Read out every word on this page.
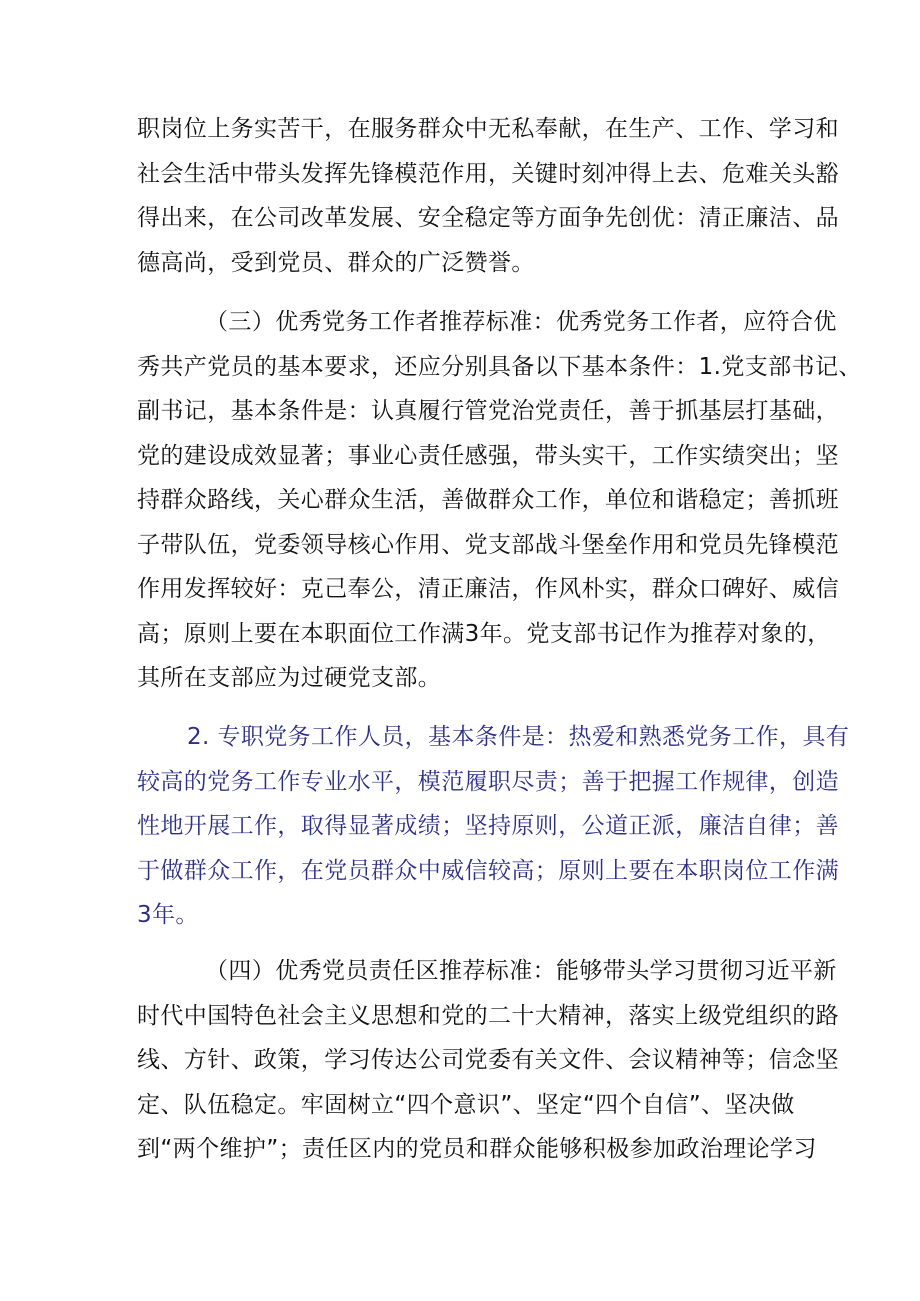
职岗位上务实苦干，在服务群众中无私奉献，在生产、工作、学习和
社会生活中带头发挥先锋模范作用，关键时刻冲得上去、危难关头豁
得出来，在公司改革发展、安全稳定等方面争先创优：清正廉洁、品
德高尚，受到党员、群众的广泛赞誉。
（三）优秀党务工作者推荐标准：优秀党务工作者，应符合优
秀共产党员的基本要求，还应分别具备以下基本条件：1.党支部书记、
副书记，基本条件是：认真履行管党治党责任，善于抓基层打基础，
党的建设成效显著；事业心责任感强，带头实干，工作实绩突出；坚
持群众路线，关心群众生活，善做群众工作，单位和谐稳定；善抓班
子带队伍，党委领导核心作用、党支部战斗堡垒作用和党员先锋模范
作用发挥较好：克己奉公，清正廉洁，作风朴实，群众口碑好、威信
高；原则上要在本职面位工作满3年。党支部书记作为推荐对象的，
其所在支部应为过硬党支部。
2. 专职党务工作人员，基本条件是：热爱和熟悉党务工作，具有
较高的党务工作专业水平，模范履职尽责；善于把握工作规律，创造
性地开展工作，取得显著成绩；坚持原则，公道正派，廉洁自律；善
于做群众工作，在党员群众中威信较高；原则上要在本职岗位工作满
3年。
（四）优秀党员责任区推荐标准：能够带头学习贯彻习近平新
时代中国特色社会主义思想和党的二十大精神，落实上级党组织的路
线、方针、政策，学习传达公司党委有关文件、会议精神等；信念坚
定、队伍稳定。牢固树立“四个意识”、坚定“四个自信”、坚决做
到“两个维护”；责任区内的党员和群众能够积极参加政治理论学习
